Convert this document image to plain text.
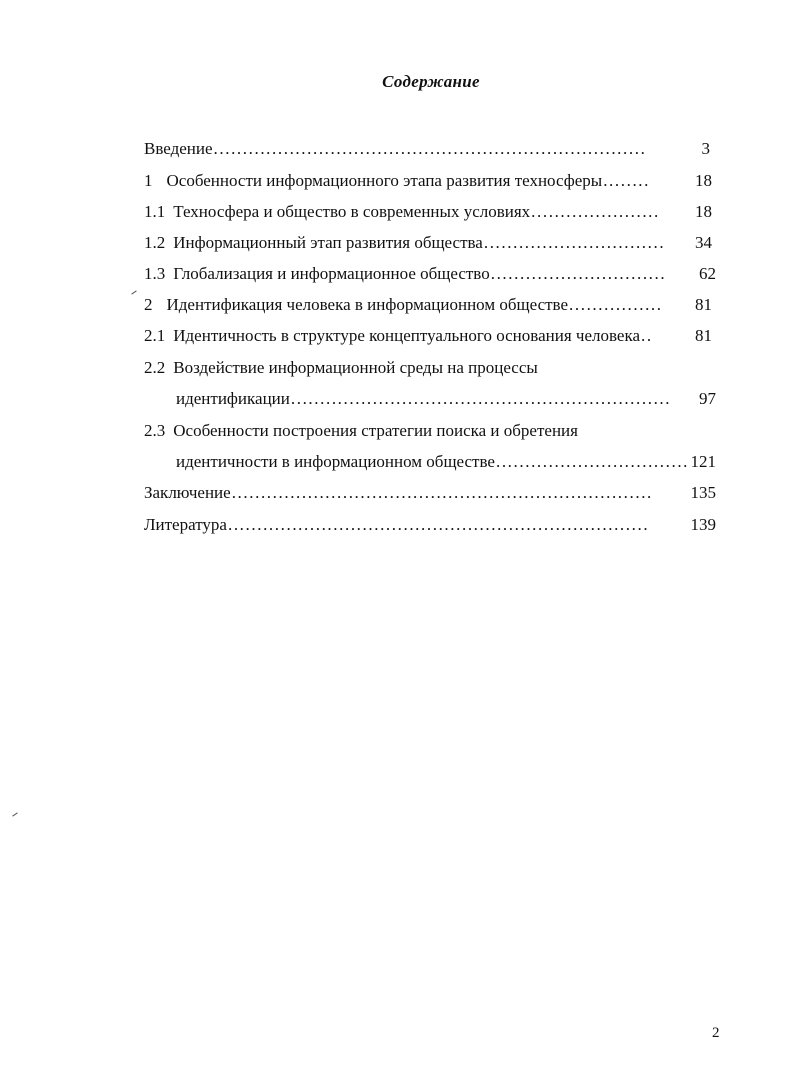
Содержание
Введение ..........................................................................	3
1 Особенности информационного этапа развития техносферы ........	18
1.1 Техносфера и общество в современных условиях ......................	18
1.2 Информационный этап развития общества ...............................	34
1.3 Глобализация и информационное общество ..............................	62
2 Идентификация человека в информационном обществе ................	81
2.1 Идентичность в структуре концептуального основания человека ..	81
2.2 Воздействие информационной среды на процессы
идентификации .................................................................	97
2.3 Особенности построения стратегии поиска и обретения
идентичности в информационном обществе ................................. 121
Заключение ........................................................................	135
Литература ........................................................................	139
2
